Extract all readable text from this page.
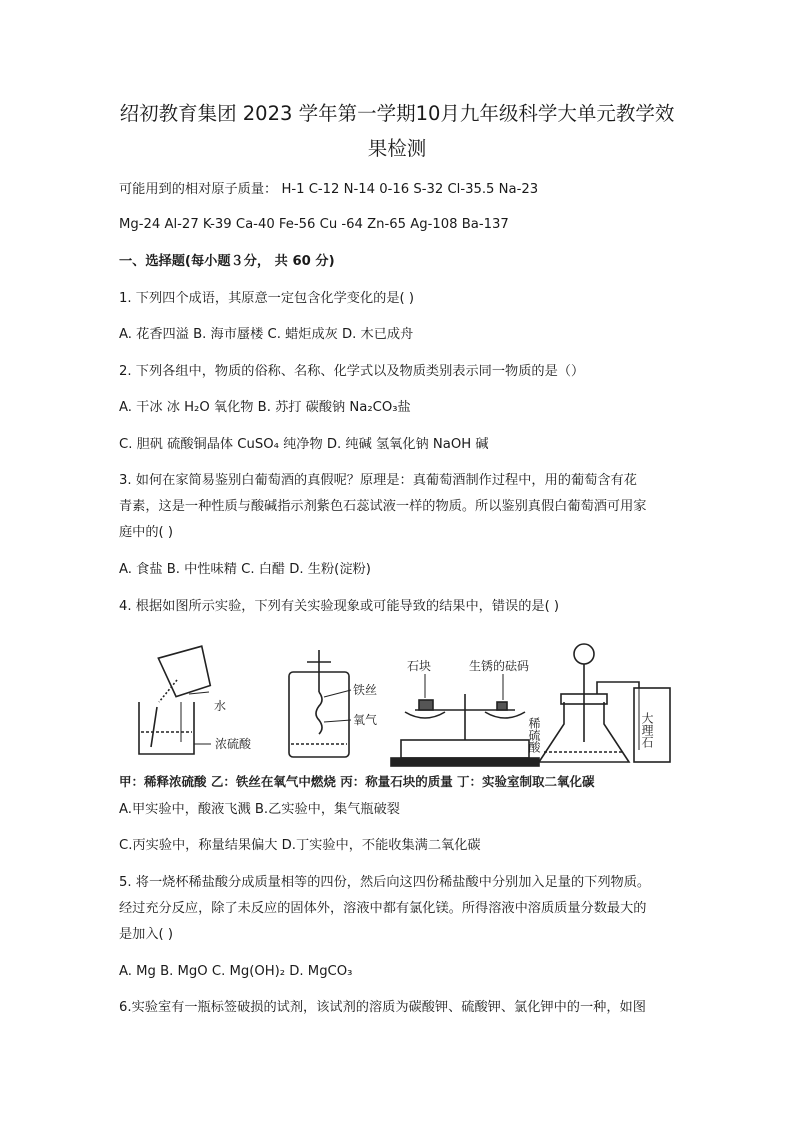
绍初教育集团 2023 学年第一学期10月九年级科学大单元教学效
果检测
可能用到的相对原子质量： H-1 C-12 N-14 0-16 S-32 Cl-35.5 Na-23
Mg-24 Al-27 K-39 Ca-40 Fe-56 Cu -64 Zn-65 Ag-108 Ba-137
一、选择题(每小题３分， 共 60 分)
1. 下列四个成语，其原意一定包含化学变化的是( )
A. 花香四溢 B. 海市蜃楼 C. 蜡炬成灰 D. 木已成舟
2. 下列各组中，物质的俗称、名称、化学式以及物质类别表示同一物质的是（）
A. 干冰 冰 H₂O 氧化物 B. 苏打 碳酸钠 Na₂CO₃盐
C. 胆矾 硫酸铜晶体 CuSO₄ 纯净物 D. 纯碱 氢氧化钠 NaOH 碱
3. 如何在家简易鉴别白葡萄酒的真假呢？原理是：真葡萄酒制作过程中，用的葡萄含有花
青素，这是一种性质与酸碱指示剂紫色石蕊试液一样的物质。所以鉴别真假白葡萄酒可用家
庭中的( )
A. 食盐 B. 中性味精 C. 白醋 D. 生粉(淀粉)
4. 根据如图所示实验，下列有关实验现象或可能导致的结果中，错误的是( )
水
浓硫酸
铁丝
氧气
石块	生锈的砝码
稀硫酸	大理石
甲：稀释浓硫酸 乙：铁丝在氧气中燃烧 丙：称量石块的质量 丁：实验室制取二氧化碳
A.甲实验中，酸液飞溅 B.乙实验中，集气瓶破裂
C.丙实验中，称量结果偏大 D.丁实验中，不能收集满二氧化碳
5. 将一烧杯稀盐酸分成质量相等的四份，然后向这四份稀盐酸中分别加入足量的下列物质。
经过充分反应，除了未反应的固体外，溶液中都有氯化镁。所得溶液中溶质质量分数最大的
是加入( )
A. Mg B. MgO C. Mg(OH)₂ D. MgCO₃
6.实验室有一瓶标签破损的试剂，该试剂的溶质为碳酸钾、硫酸钾、氯化钾中的一种，如图
